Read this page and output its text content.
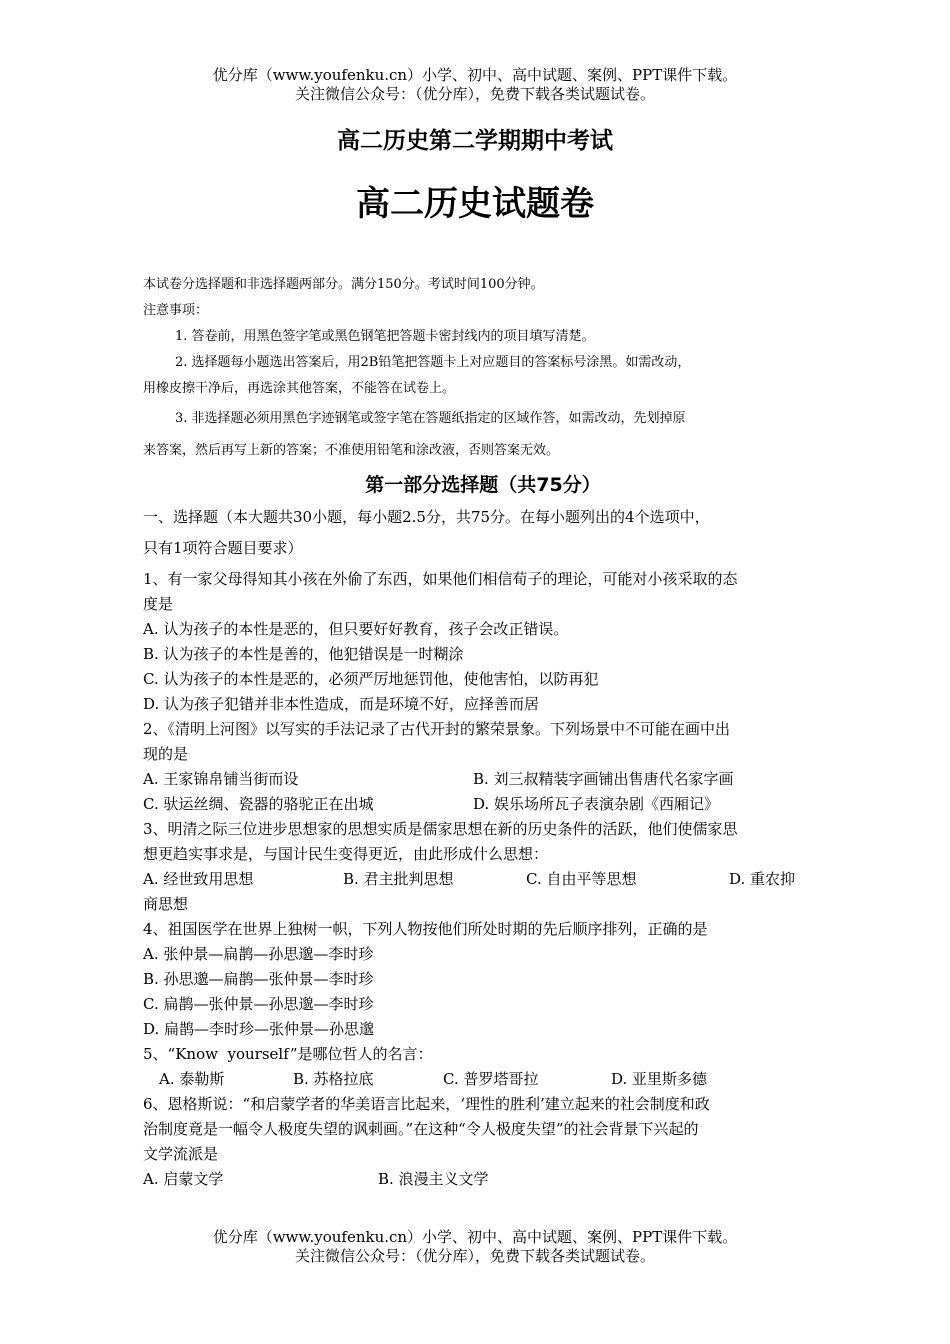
优分库（www.youfenku.cn）小学、初中、高中试题、案例、PPT课件下载。

关注微信公众号：（优分库），免费下载各类试题试卷。

高二历史第二学期期中考试
高二历史试题卷

本试卷分选择题和非选择题两部分。满分150分。考试时间100分钟。

注意事项：

1. 答卷前，用黑色签字笔或黑色钢笔把答题卡密封线内的项目填写清楚。

2. 选择题每小题选出答案后，用2B铅笔把答题卡上对应题目的答案标号涂黑。如需改动，

用橡皮擦干净后，再选涂其他答案，不能答在试卷上。

3. 非选择题必须用黑色字迹钢笔或签字笔在答题纸指定的区域作答，如需改动，先划掉原

来答案，然后再写上新的答案；不准使用铅笔和涂改液，否则答案无效。

第一部分选择题（共75分）

一、选择题（本大题共30小题，每小题2.5分，共75分。在每小题列出的4个选项中，

只有1项符合题目要求）

1、有一家父母得知其小孩在外偷了东西，如果他们相信荀子的理论，可能对小孩采取的态

度是

A. 认为孩子的本性是恶的，但只要好好教育，孩子会改正错误。

B. 认为孩子的本性是善的，他犯错误是一时糊涂

C. 认为孩子的本性是恶的，必须严厉地惩罚他，使他害怕，以防再犯

D. 认为孩子犯错并非本性造成，而是环境不好，应择善而居

2、《清明上河图》以写实的手法记录了古代开封的繁荣景象。下列场景中不可能在画中出

现的是

A. 王家锦帛铺当街而设	B. 刘三叔精装字画铺出售唐代名家字画
C. 驮运丝绸、瓷器的骆驼正在出城	D. 娱乐场所瓦子表演杂剧《西厢记》

3、明清之际三位进步思想家的思想实质是儒家思想在新的历史条件的活跃，他们使儒家思

想更趋实事求是，与国计民生变得更近，由此形成什么思想：

A. 经世致用思想	B. 君主批判思想	C. 自由平等思想	D. 重农抑

商思想

4、祖国医学在世界上独树一帜，下列人物按他们所处时期的先后顺序排列，正确的是

A. 张仲景—扁鹊—孙思邈—李时珍

B. 孙思邈—扁鹊—张仲景—李时珍

C. 扁鹊—张仲景—孙思邈—李时珍

D. 扁鹊—李时珍—张仲景—孙思邈

5、“Know  yourself”是哪位哲人的名言：

A. 泰勒斯	B. 苏格拉底	C. 普罗塔哥拉	D. 亚里斯多德

6、恩格斯说：“和启蒙学者的华美语言比起来，‘理性的胜利’建立起来的社会制度和政

治制度竟是一幅令人极度失望的讽刺画。”在这种“令人极度失望”的社会背景下兴起的

文学流派是

A. 启蒙文学	B. 浪漫主义文学

优分库（www.youfenku.cn）小学、初中、高中试题、案例、PPT课件下载。

关注微信公众号：（优分库），免费下载各类试题试卷。
